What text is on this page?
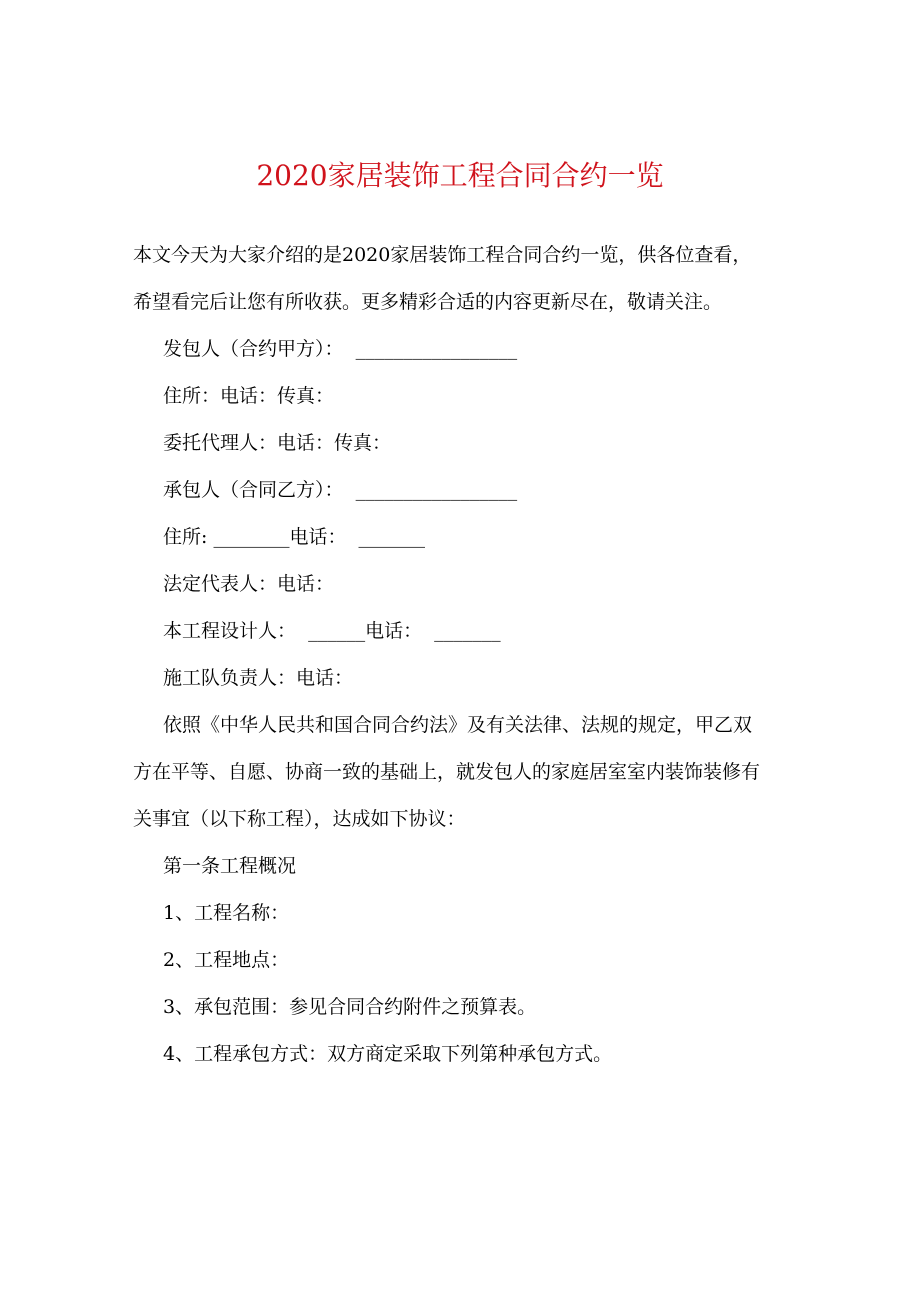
2020家居装饰工程合同合约一览
本文今天为大家介绍的是2020家居装饰工程合同合约一览，供各位查看，
希望看完后让您有所收获。更多精彩合适的内容更新尽在，敬请关注。
发包人（合约甲方）：  _________________
住所：电话：传真：
委托代理人：电话：传真：
承包人（合同乙方）：  _________________
住所: ________电话：  _______
法定代表人：电话：
本工程设计人：  ______电话：  _______
施工队负责人：电话：
依照《中华人民共和国合同合约法》及有关法律、法规的规定，甲乙双
方在平等、自愿、协商一致的基础上，就发包人的家庭居室室内装饰装修有
关事宜（以下称工程），达成如下协议：
第一条工程概况
1、工程名称：
2、工程地点：
3、承包范围：参见合同合约附件之预算表。
4、工程承包方式：双方商定采取下列第种承包方式。
